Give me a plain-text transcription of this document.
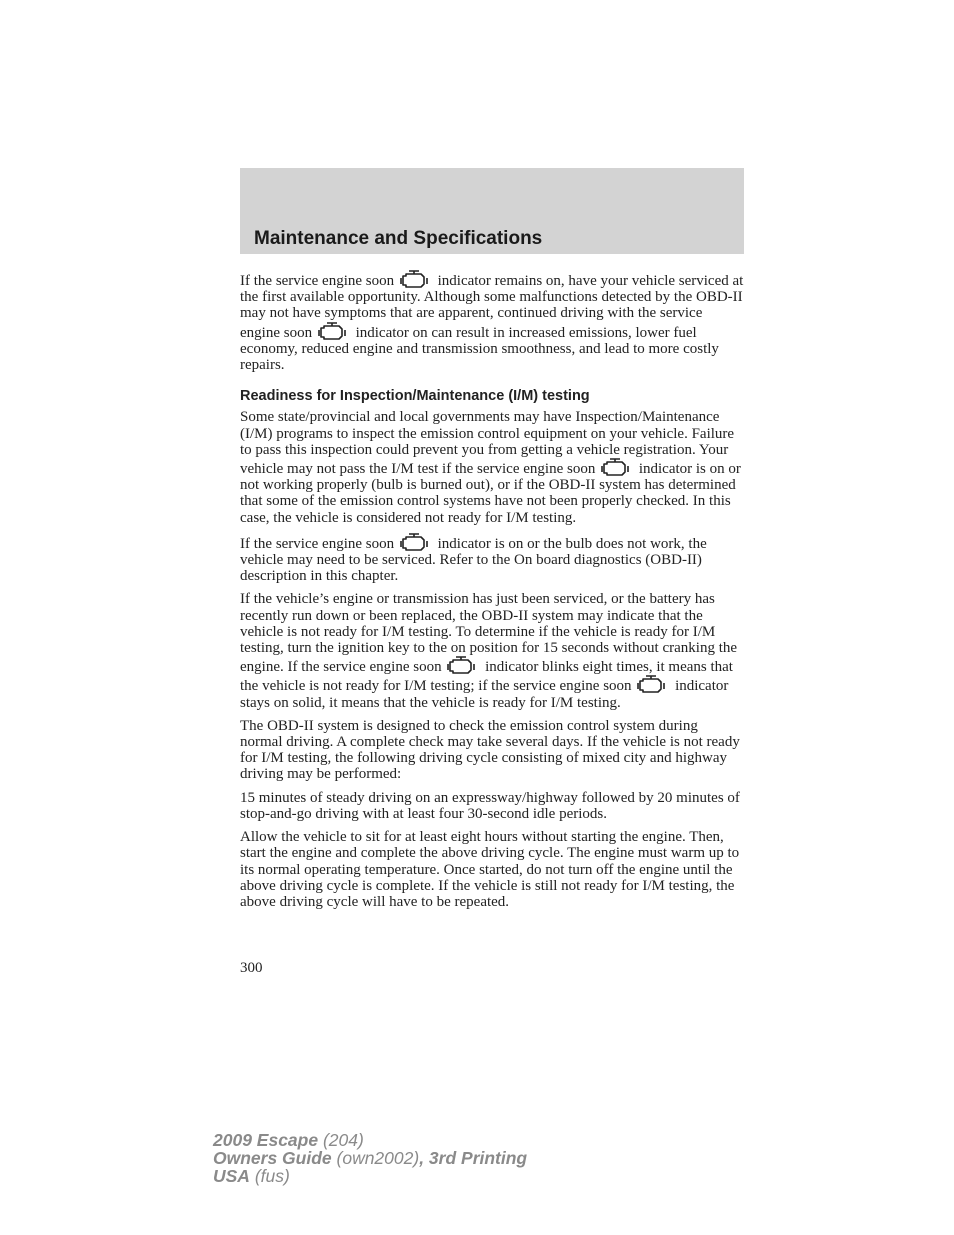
Maintenance and Specifications

If the service engine soon	indicator remains on, have your vehicle serviced at the first available opportunity. Although some malfunctions detected by the OBD-II may not have symptoms that are apparent, continued driving with the service engine soon	indicator on can result in increased emissions, lower fuel economy, reduced engine and transmission smoothness, and lead to more costly repairs.

Readiness for Inspection/Maintenance (I/M) testing

Some state/provincial and local governments may have Inspection/Maintenance (I/M) programs to inspect the emission control equipment on your vehicle. Failure to pass this inspection could prevent you from getting a vehicle registration. Your vehicle may not pass the I/M test if the service engine soon	indicator is on or not working properly (bulb is burned out), or if the OBD-II system has determined that some of the emission control systems have not been properly checked. In this case, the vehicle is considered not ready for I/M testing.

If the service engine soon	indicator is on or the bulb does not work, the vehicle may need to be serviced. Refer to the On board diagnostics (OBD-II) description in this chapter.

If the vehicle’s engine or transmission has just been serviced, or the battery has recently run down or been replaced, the OBD-II system may indicate that the vehicle is not ready for I/M testing. To determine if the vehicle is ready for I/M testing, turn the ignition key to the on position for 15 seconds without cranking the engine. If the service engine soon	indicator blinks eight times, it means that the vehicle is not ready for I/M testing; if the service engine soon	indicator stays on solid, it means that the vehicle is ready for I/M testing.

The OBD-II system is designed to check the emission control system during normal driving. A complete check may take several days. If the vehicle is not ready for I/M testing, the following driving cycle consisting of mixed city and highway driving may be performed:

15 minutes of steady driving on an expressway/highway followed by 20 minutes of stop-and-go driving with at least four 30-second idle periods.

Allow the vehicle to sit for at least eight hours without starting the engine. Then, start the engine and complete the above driving cycle. The engine must warm up to its normal operating temperature. Once started, do not turn off the engine until the above driving cycle is complete. If the vehicle is still not ready for I/M testing, the above driving cycle will have to be repeated.

300
2009 Escape (204)
Owners Guide (own2002), 3rd Printing
USA (fus)
